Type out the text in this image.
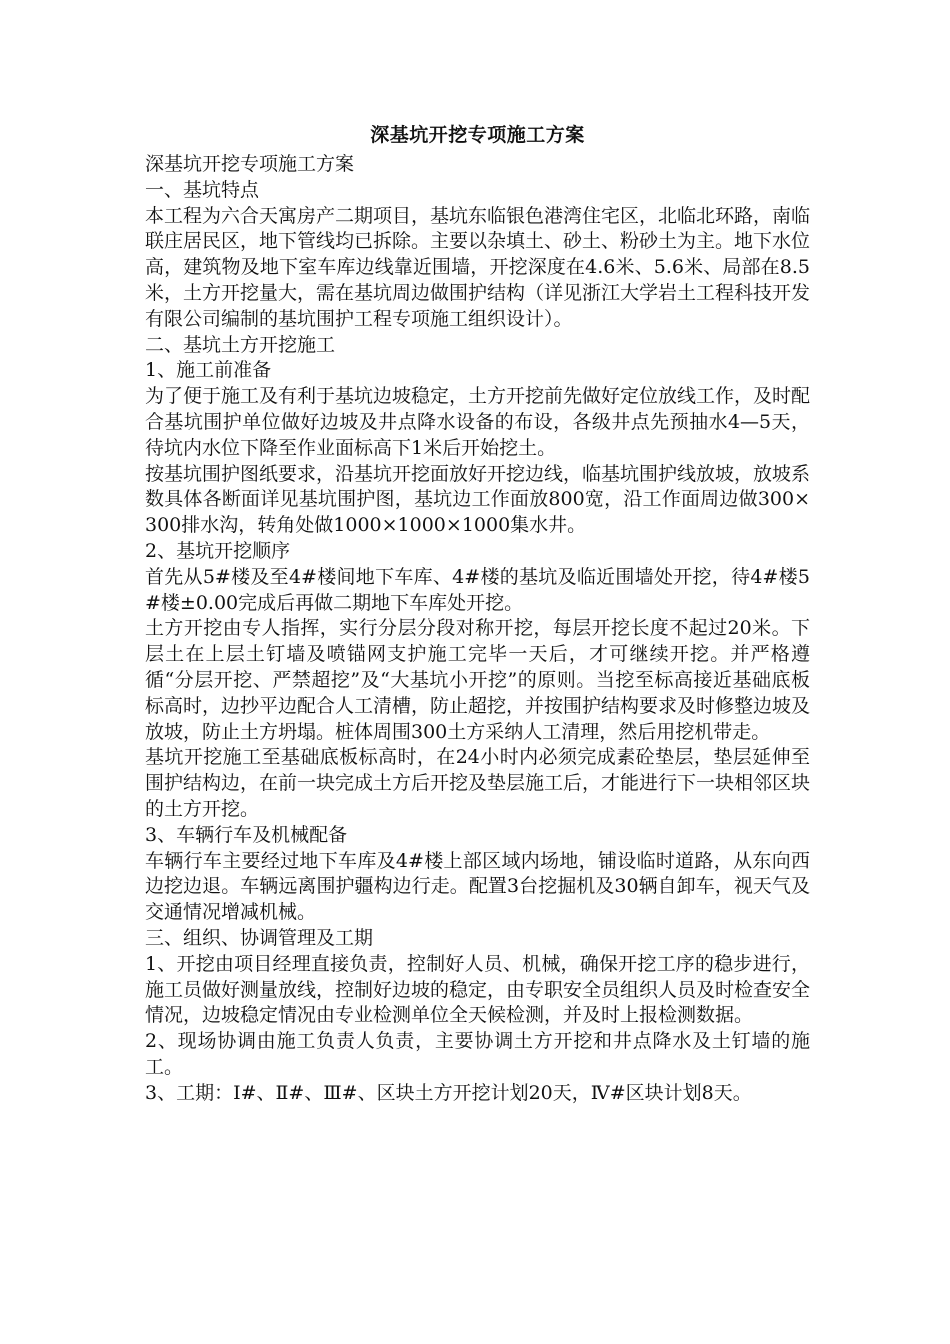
深基坑开挖专项施工方案

深基坑开挖专项施工方案

一、基坑特点

本工程为六合天寓房产二期项目，基坑东临银色港湾住宅区，北临北环路，南临联庄居民区，地下管线均已拆除。主要以杂填土、砂土、粉砂土为主。地下水位高，建筑物及地下室车库边线靠近围墙，开挖深度在4.6米、5.6米、局部在8.5米，土方开挖量大，需在基坑周边做围护结构（详见浙江大学岩土工程科技开发有限公司编制的基坑围护工程专项施工组织设计）。

二、基坑土方开挖施工

1、施工前准备

为了便于施工及有利于基坑边坡稳定，土方开挖前先做好定位放线工作，及时配合基坑围护单位做好边坡及井点降水设备的布设，各级井点先预抽水4—5天，待坑内水位下降至作业面标高下1米后开始挖土。

按基坑围护图纸要求，沿基坑开挖面放好开挖边线，临基坑围护线放坡，放坡系数具体各断面详见基坑围护图，基坑边工作面放800宽，沿工作面周边做300×300排水沟，转角处做1000×1000×1000集水井。

2、基坑开挖顺序

首先从5#楼及至4#楼间地下车库、4#楼的基坑及临近围墙处开挖，待4#楼5#楼±0.00完成后再做二期地下车库处开挖。

土方开挖由专人指挥，实行分层分段对称开挖，每层开挖长度不起过20米。下层土在上层土钉墙及喷锚网支护施工完毕一天后，才可继续开挖。并严格遵循“分层开挖、严禁超挖”及“大基坑小开挖”的原则。当挖至标高接近基础底板标高时，边抄平边配合人工清槽，防止超挖，并按围护结构要求及时修整边坡及放坡，防止土方坍塌。桩体周围300土方采纳人工清理，然后用挖机带走。

基坑开挖施工至基础底板标高时，在24小时内必须完成素砼垫层，垫层延伸至围护结构边，在前一块完成土方后开挖及垫层施工后，才能进行下一块相邻区块的土方开挖。

3、车辆行车及机械配备

车辆行车主要经过地下车库及4#楼上部区域内场地，铺设临时道路，从东向西边挖边退。车辆远离围护疆构边行走。配置3台挖掘机及30辆自卸车，视天气及交通情况增减机械。

三、组织、协调管理及工期

1、开挖由项目经理直接负责，控制好人员、机械，确保开挖工序的稳步进行，施工员做好测量放线，控制好边坡的稳定，由专职安全员组织人员及时检查安全情况，边坡稳定情况由专业检测单位全天候检测，并及时上报检测数据。

2、现场协调由施工负责人负责，主要协调土方开挖和井点降水及土钉墙的施工。

3、工期：Ⅰ#、Ⅱ#、Ⅲ#、区块土方开挖计划20天，Ⅳ#区块计划8天。
